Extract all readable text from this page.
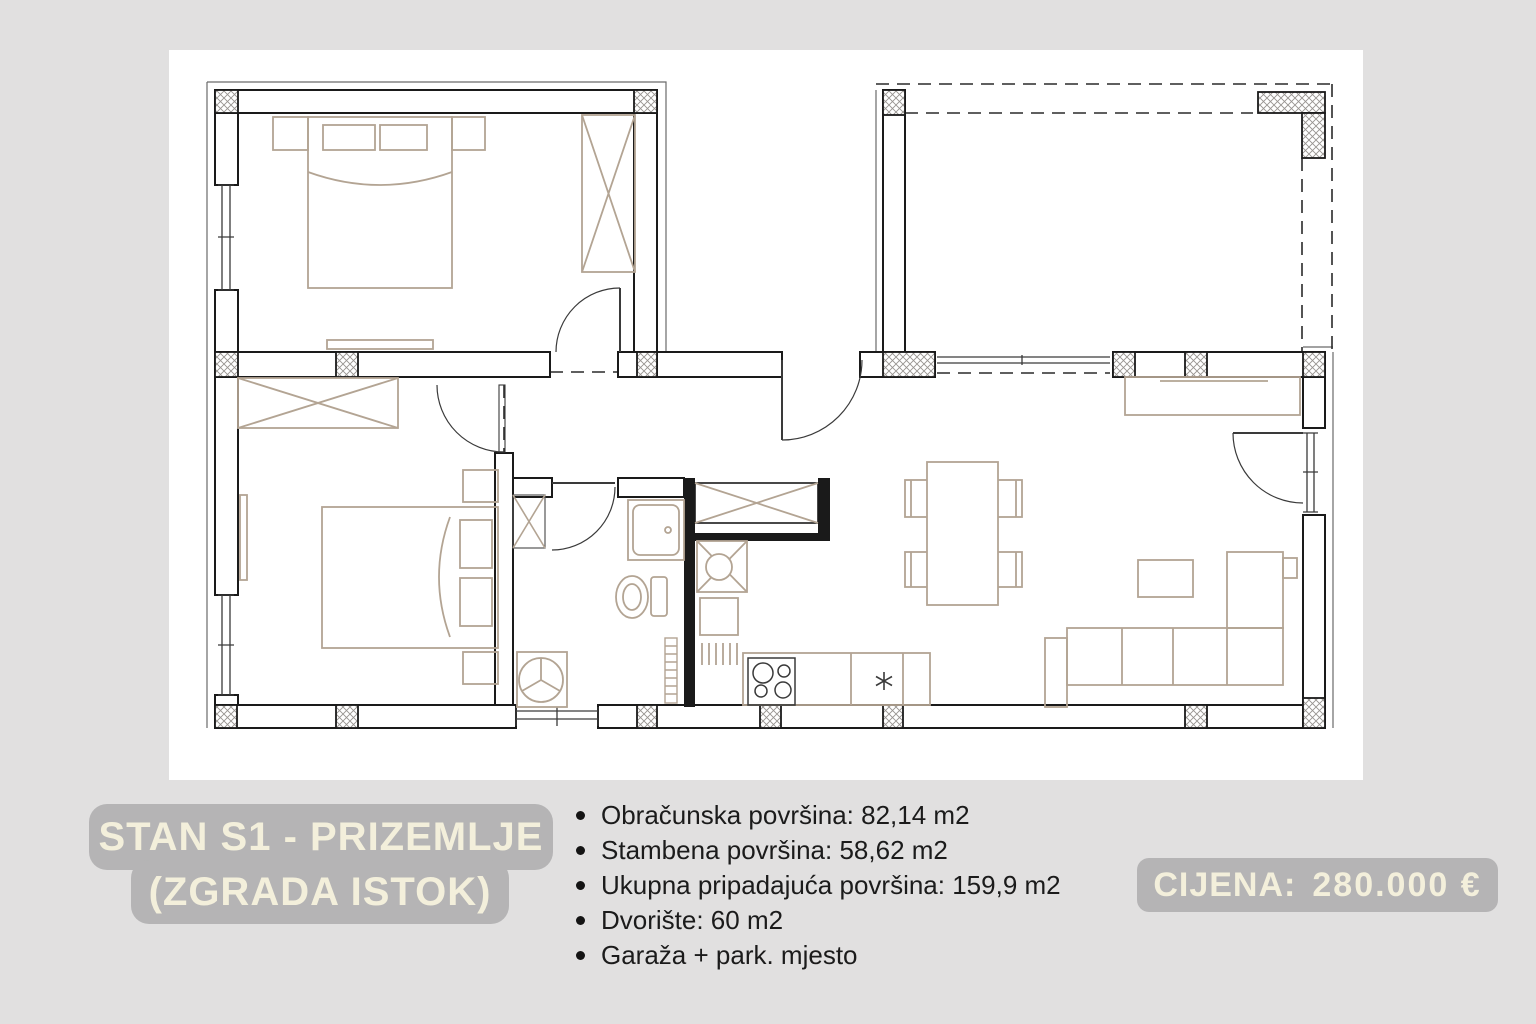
STAN S1 - PRIZEMLJE
(ZGRADA ISTOK)
Obračunska površina: 82,14 m2
Stambena površina: 58,62 m2
Ukupna pripadajuća površina: 159,9 m2
Dvorište: 60 m2
Garaža + park. mjesto
CIJENA: 280.000 €
